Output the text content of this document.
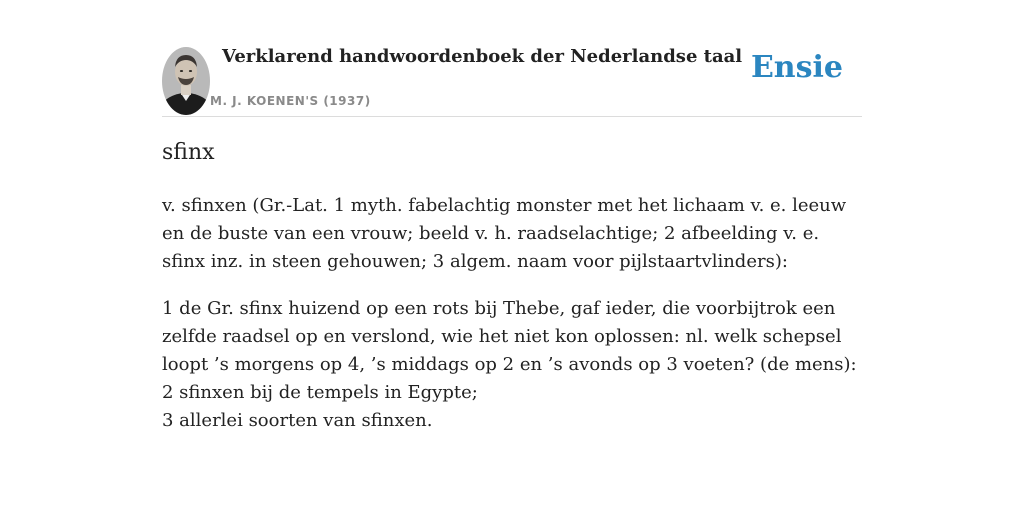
Verklarend handwoordenboek der Nederlandse taal
M. J. KOENEN'S (1937)
Ensie
sfinx

v. sfinxen (Gr.-Lat. 1 myth. fabelachtig monster met het lichaam v. e. leeuw en de buste van een vrouw; beeld v. h. raadselachtige; 2 afbeelding v. e. sfinx inz. in steen gehouwen; 3 algem. naam voor pijlstaartvlinders):

1 de Gr. sfinx huizend op een rots bij Thebe, gaf ieder, die voorbijtrok een zelfde raadsel op en verslond, wie het niet kon oplossen: nl. welk schepsel loopt ’s morgens op 4, ’s middags op 2 en ’s avonds op 3 voeten? (de mens):
2 sfinxen bij de tempels in Egypte;
3 allerlei soorten van sfinxen.
